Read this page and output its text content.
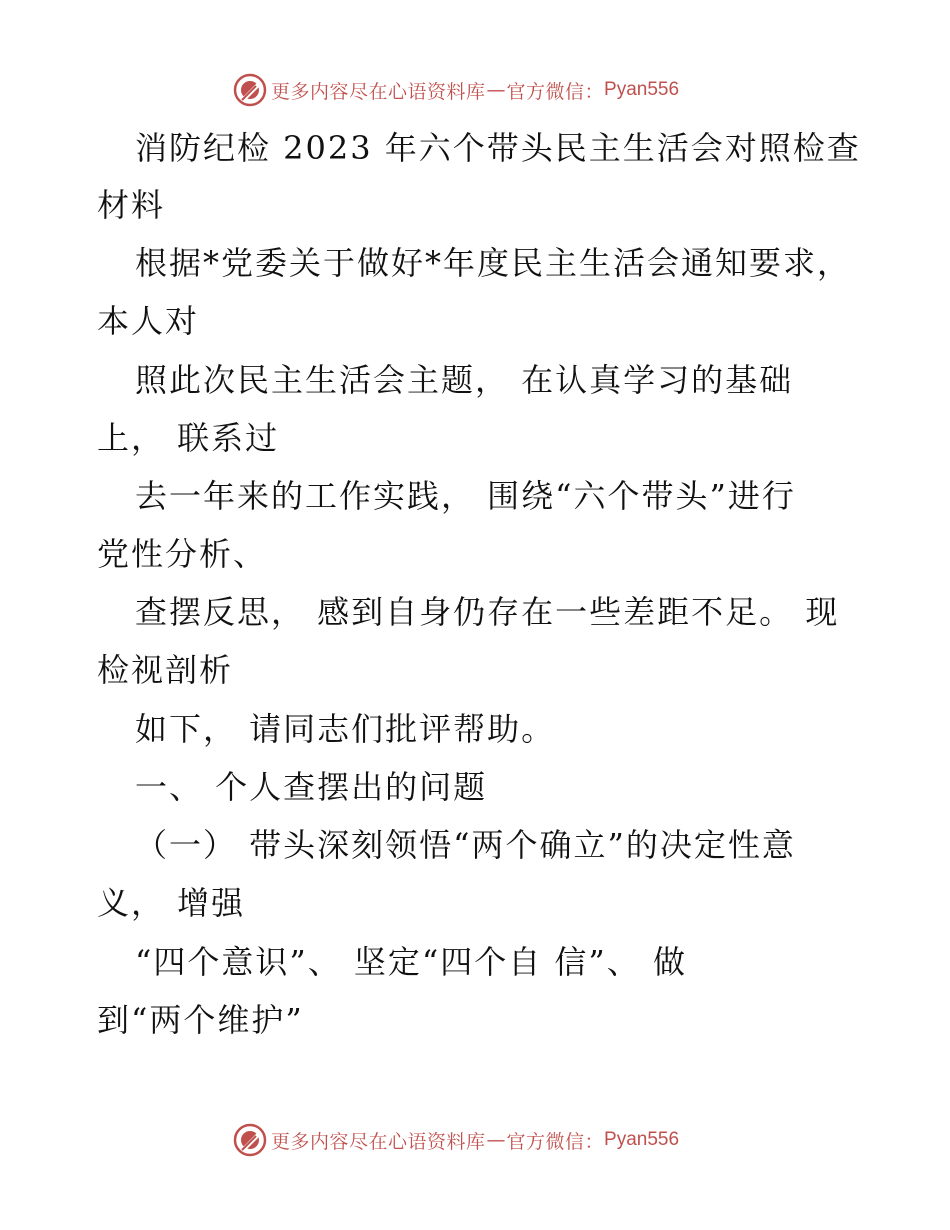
更多内容尽在心语资料库 — 官方微信： Pyan556
消防纪检 2023 年六个带头民主生活会对照检查
材料
根据*党委关于做好*年度民主生活会通知要求，
本人对
照此次民主生活会主题， 在认真学习的基础
上， 联系过
去一年来的工作实践， 围绕“六个带头”进行
党性分析、
查摆反思， 感到自身仍存在一些差距不足。 现
检视剖析
如下， 请同志们批评帮助。
一、 个人查摆出的问题
（一） 带头深刻领悟“两个确立”的决定性意
义， 增强
“四个意识”、 坚定“四个自 信”、 做
到“两个维护”
更多内容尽在心语资料库 — 官方微信： Pyan556
